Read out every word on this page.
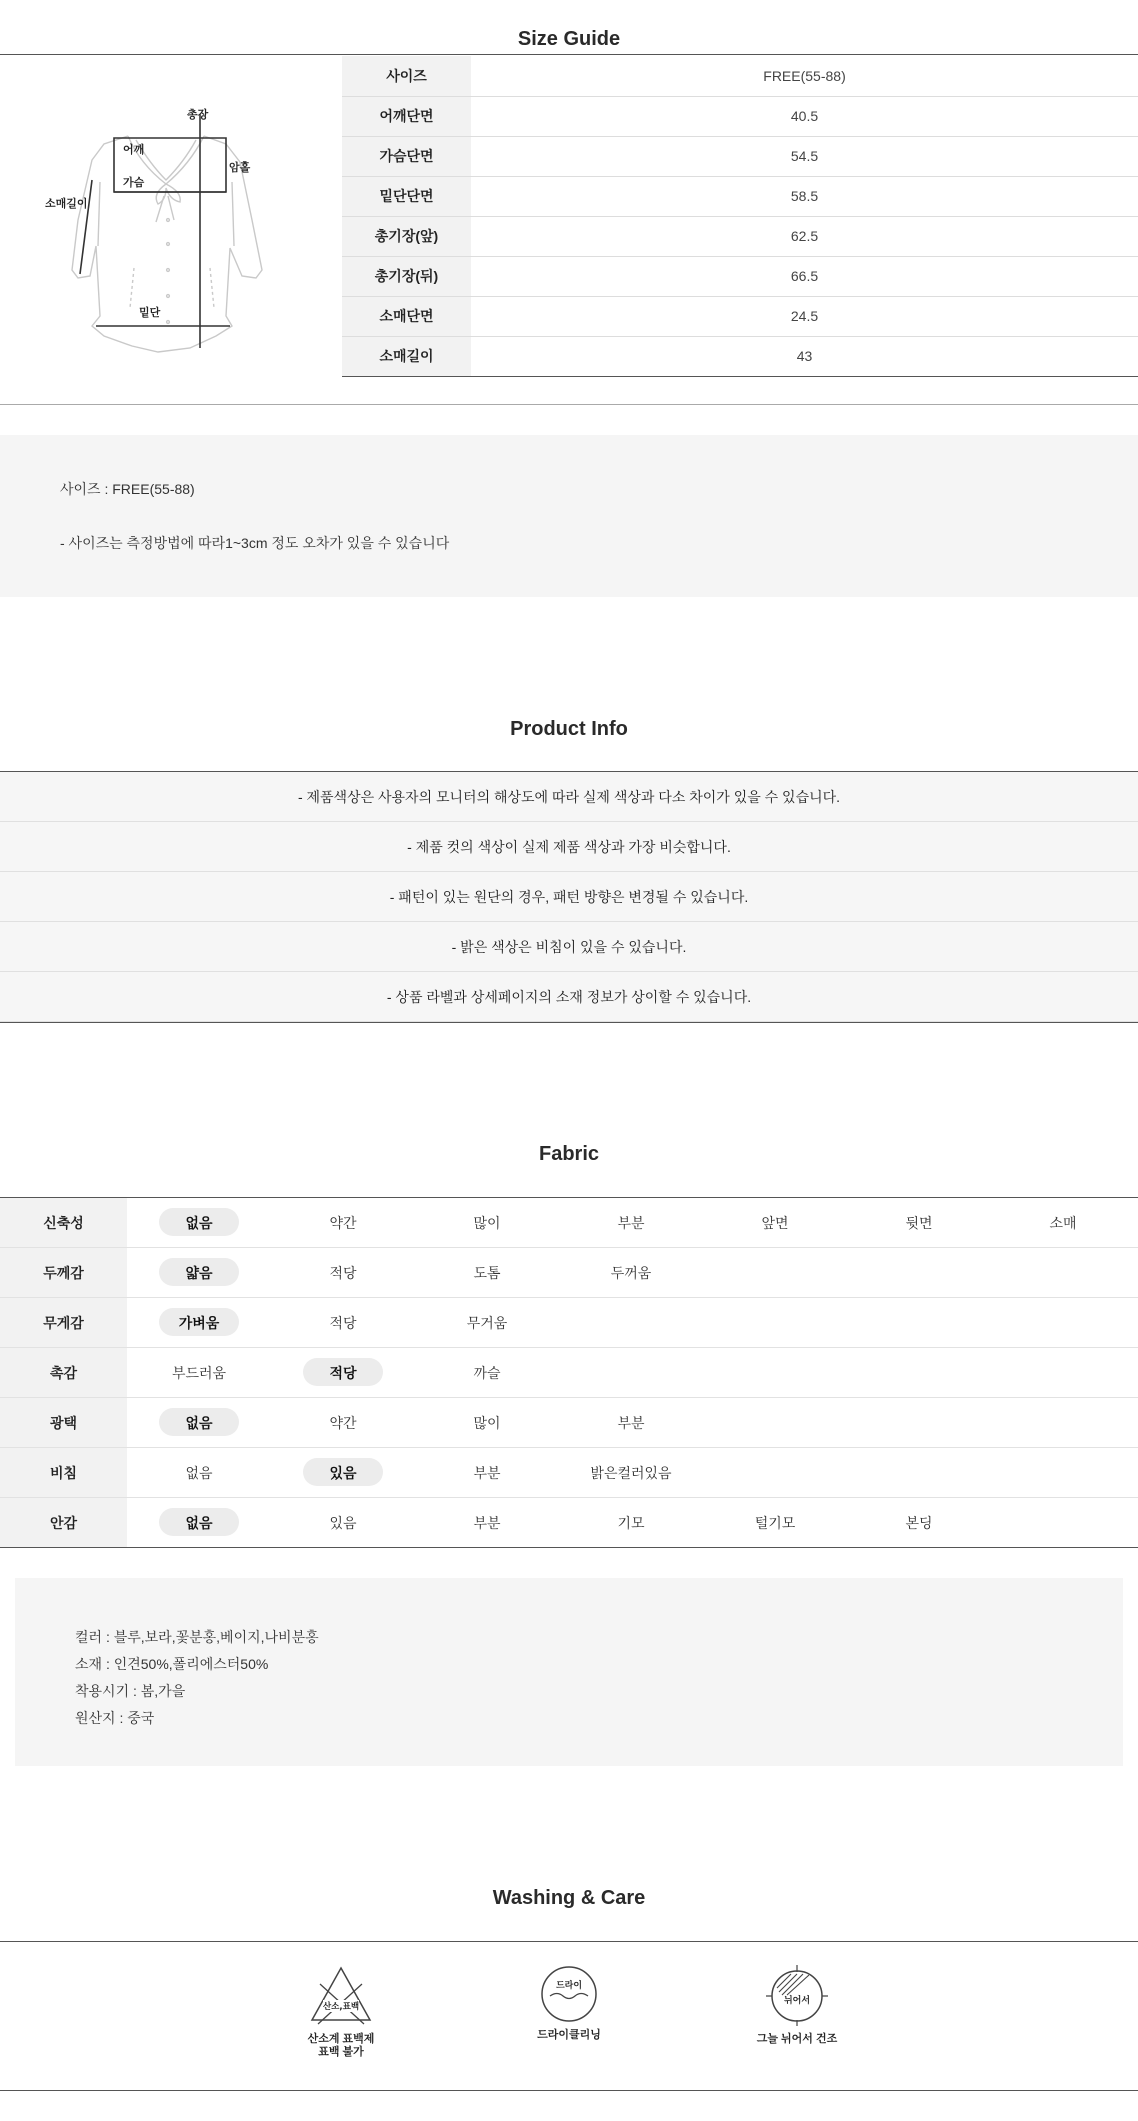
Size Guide
총장
어깨
가슴
암홀
소매길이
밑단
사이즈	FREE(55-88)
어깨단면	40.5
가슴단면	54.5
밑단단면	58.5
총기장(앞)	62.5
총기장(뒤)	66.5
소매단면	24.5
소매길이	43
사이즈 : FREE(55-88)
- 사이즈는 측정방법에 따라1~3cm 정도 오차가 있을 수 있습니다
Product Info
- 제품색상은 사용자의 모니터의 해상도에 따라 실제 색상과 다소 차이가 있을 수 있습니다.
- 제품 컷의 색상이 실제 제품 색상과 가장 비슷합니다.
- 패턴이 있는 원단의 경우, 패턴 방향은 변경될 수 있습니다.
- 밝은 색상은 비침이 있을 수 있습니다.
- 상품 라벨과 상세페이지의 소재 정보가 상이할 수 있습니다.
Fabric
신축성	없음	약간	많이	부분	앞면	뒷면	소매
두께감	얇음	적당	도톰	두꺼움
무게감	가벼움	적당	무거움
촉감	부드러움	적당	까슬
광택	없음	약간	많이	부분
비침	없음	있음	부분	밝은컬러있음
안감	없음	있음	부분	기모	털기모	본딩
컬러 : 블루,보라,꽃분홍,베이지,나비분홍
소재 : 인견50%,폴리에스터50%
착용시기 : 봄,가을
원산지 : 중국
Washing & Care
산소,표백
산소계 표백제
표백 불가
드라이
드라이클리닝
뉘어서
그늘 뉘어서 건조
